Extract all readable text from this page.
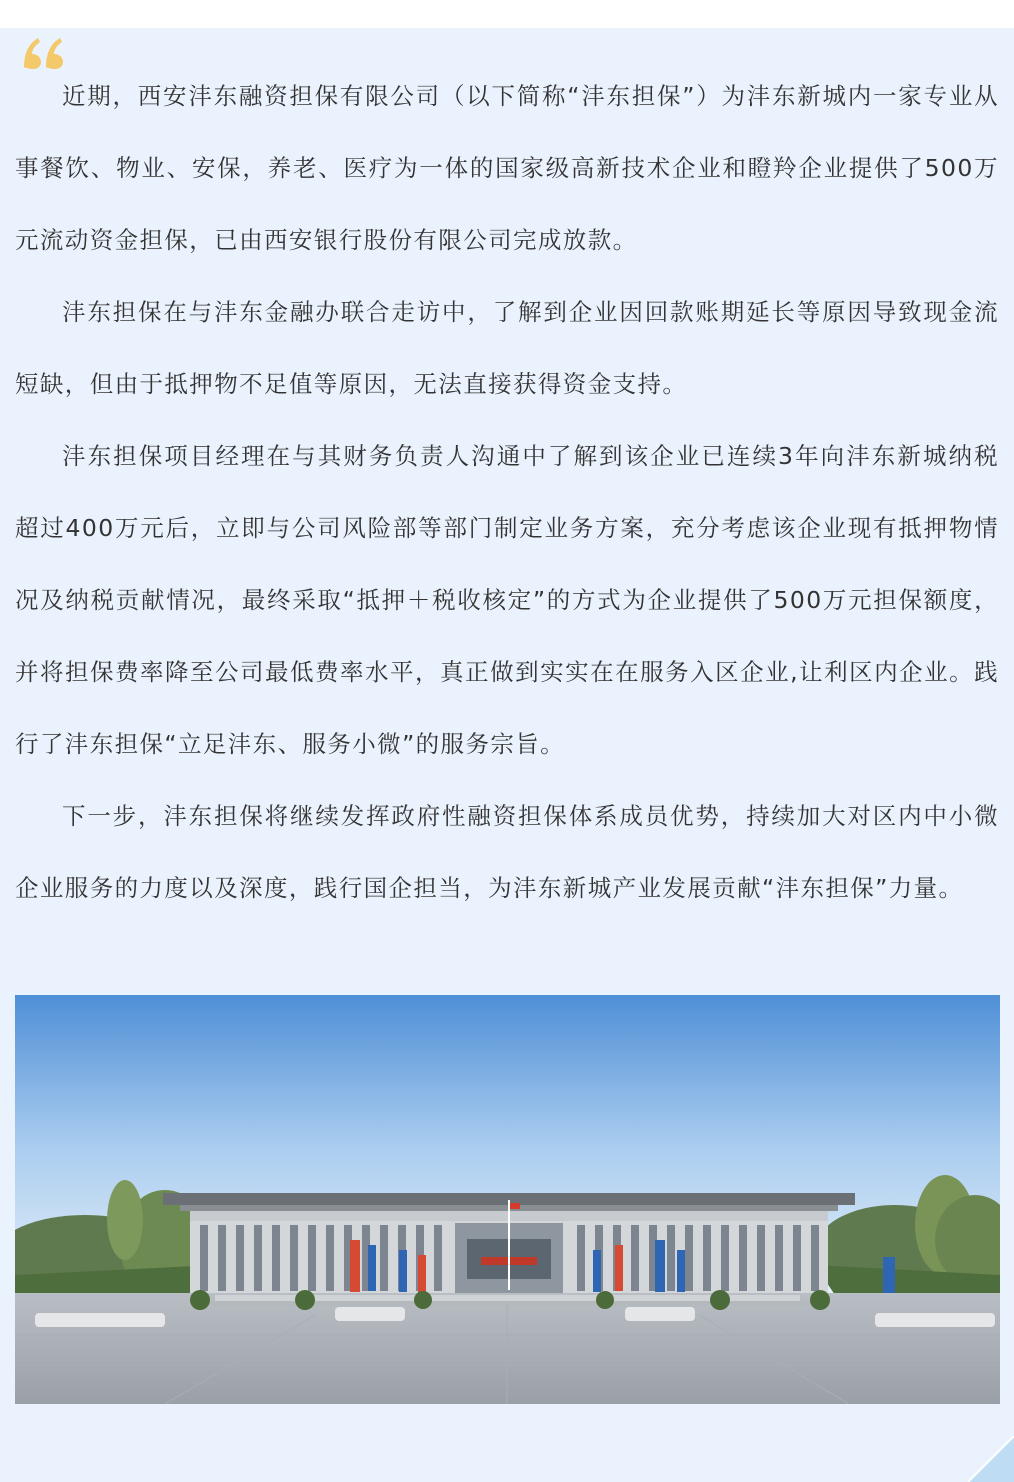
近期，西安沣东融资担保有限公司（以下简称“沣东担保”）为沣东新城内一家专业从事餐饮、物业、安保，养老、医疗为一体的国家级高新技术企业和瞪羚企业提供了500万元流动资金担保，已由西安银行股份有限公司完成放款。

沣东担保在与沣东金融办联合走访中，了解到企业因回款账期延长等原因导致现金流短缺，但由于抵押物不足值等原因，无法直接获得资金支持。

沣东担保项目经理在与其财务负责人沟通中了解到该企业已连续3年向沣东新城纳税超过400万元后，立即与公司风险部等部门制定业务方案，充分考虑该企业现有抵押物情况及纳税贡献情况，最终采取“抵押＋税收核定”的方式为企业提供了500万元担保额度，并将担保费率降至公司最低费率水平，真正做到实实在在服务入区企业,让利区内企业。践行了沣东担保“立足沣东、服务小微”的服务宗旨。

下一步，沣东担保将继续发挥政府性融资担保体系成员优势，持续加大对区内中小微企业服务的力度以及深度，践行国企担当，为沣东新城产业发展贡献“沣东担保”力量。
